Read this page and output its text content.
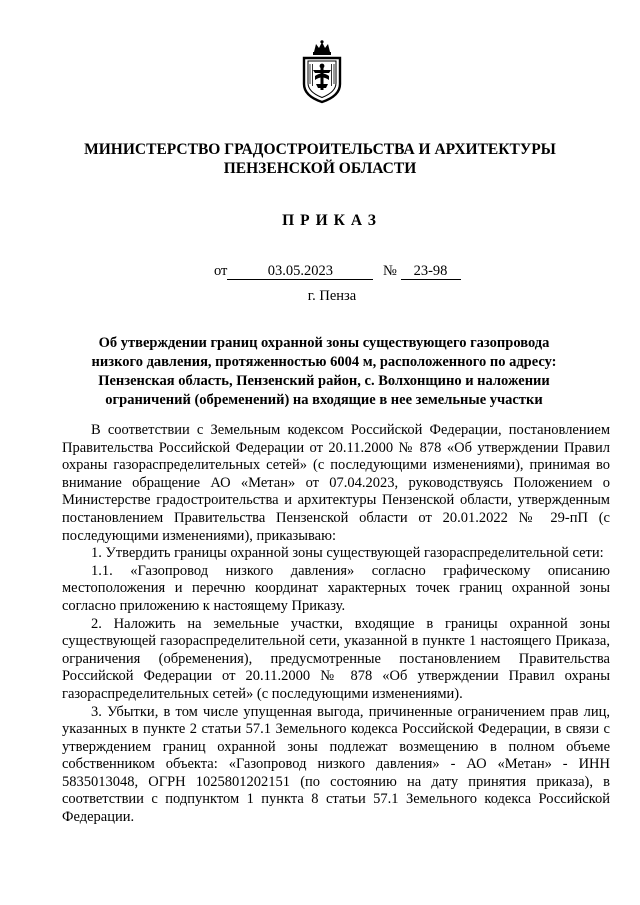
МИНИСТЕРСТВО ГРАДОСТРОИТЕЛЬСТВА И АРХИТЕКТУРЫ
ПЕНЗЕНСКОЙ ОБЛАСТИ
ПРИКАЗ
от	03.05.2023	№ 23-98
г. Пенза
Об утверждении границ охранной зоны существующего газопровода
низкого давления, протяженностью 6004 м, расположенного по адресу:
Пензенская область, Пензенский район, с. Волхонщино и наложении
ограничений (обременений) на входящие в нее земельные участки

В соответствии с Земельным кодексом Российской Федерации, постановлением Правительства Российской Федерации от 20.11.2000 № 878 «Об утверждении Правил охраны газораспределительных сетей» (с последующими изменениями), принимая во внимание обращение АО «Метан» от 07.04.2023, руководствуясь Положением о Министерстве градостроительства и архитектуры Пензенской области, утвержденным постановлением Правительства Пензенской области от 20.01.2022 № 29-пП (с последующими изменениями), приказываю:

1. Утвердить границы охранной зоны существующей газораспределительной сети:

1.1. «Газопровод низкого давления» согласно графическому описанию местоположения и перечню координат характерных точек границ охранной зоны согласно приложению к настоящему Приказу.

2. Наложить на земельные участки, входящие в границы охранной зоны существующей газораспределительной сети, указанной в пункте 1 настоящего Приказа, ограничения (обременения), предусмотренные постановлением Правительства Российской Федерации от 20.11.2000 № 878 «Об утверждении Правил охраны газораспределительных сетей» (с последующими изменениями).

3. Убытки, в том числе упущенная выгода, причиненные ограничением прав лиц, указанных в пункте 2 статьи 57.1 Земельного кодекса Российской Федерации, в связи с утверждением границ охранной зоны подлежат возмещению в полном объеме собственником объекта: «Газопровод низкого давления» - АО «Метан» - ИНН 5835013048, ОГРН 1025801202151 (по состоянию на дату принятия приказа), в соответствии с подпунктом 1 пункта 8 статьи 57.1 Земельного кодекса Российской Федерации.
